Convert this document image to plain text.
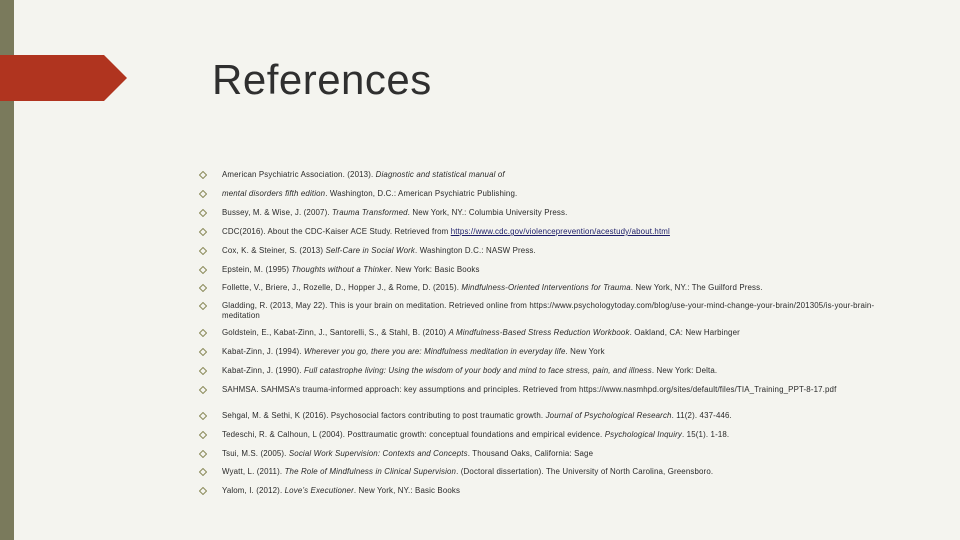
References
American Psychiatric Association. (2013). Diagnostic and statistical manual of
mental disorders fifth edition. Washington, D.C.: American Psychiatric Publishing.
Bussey, M. & Wise, J. (2007). Trauma Transformed. New York, NY.: Columbia University Press.
CDC(2016). About the CDC-Kaiser ACE Study. Retrieved from https://www.cdc.gov/violenceprevention/acestudy/about.html
Cox, K. & Steiner, S. (2013) Self-Care in Social Work. Washington D.C.: NASW Press.
Epstein, M. (1995) Thoughts without a Thinker. New York: Basic Books
Follette, V., Briere, J., Rozelle, D., Hopper J., & Rome, D. (2015). Mindfulness-Oriented Interventions for Trauma. New York, NY.: The Guilford Press.
Gladding, R. (2013, May 22). This is your brain on meditation. Retrieved online from https://www.psychologytoday.com/blog/use-your-mind-change-your-brain/201305/is-your-brain-meditation
Goldstein, E., Kabat-Zinn, J., Santorelli, S., & Stahl, B. (2010) A Mindfulness-Based Stress Reduction Workbook. Oakland, CA: New Harbinger
Kabat-Zinn, J. (1994). Wherever you go, there you are: Mindfulness meditation in everyday life. New York
Kabat-Zinn, J. (1990). Full catastrophe living: Using the wisdom of your body and mind to face stress, pain, and illness. New York: Delta.
SAHMSA. SAHMSA’s trauma-informed approach: key assumptions and principles. Retrieved from https://www.nasmhpd.org/sites/default/files/TIA_Training_PPT-8-17.pdf
Sehgal, M. & Sethi, K (2016). Psychosocial factors contributing to post traumatic growth. Journal of Psychological Research. 11(2). 437-446.
Tedeschi, R. & Calhoun, L (2004). Posttraumatic growth: conceptual foundations and empirical evidence. Psychological Inquiry. 15(1). 1-18.
Tsui, M.S. (2005). Social Work Supervision: Contexts and Concepts. Thousand Oaks, California: Sage
Wyatt, L. (2011). The Role of Mindfulness in Clinical Supervision. (Doctoral dissertation). The University of North Carolina, Greensboro.
Yalom, I. (2012). Love’s Executioner. New York, NY.: Basic Books
